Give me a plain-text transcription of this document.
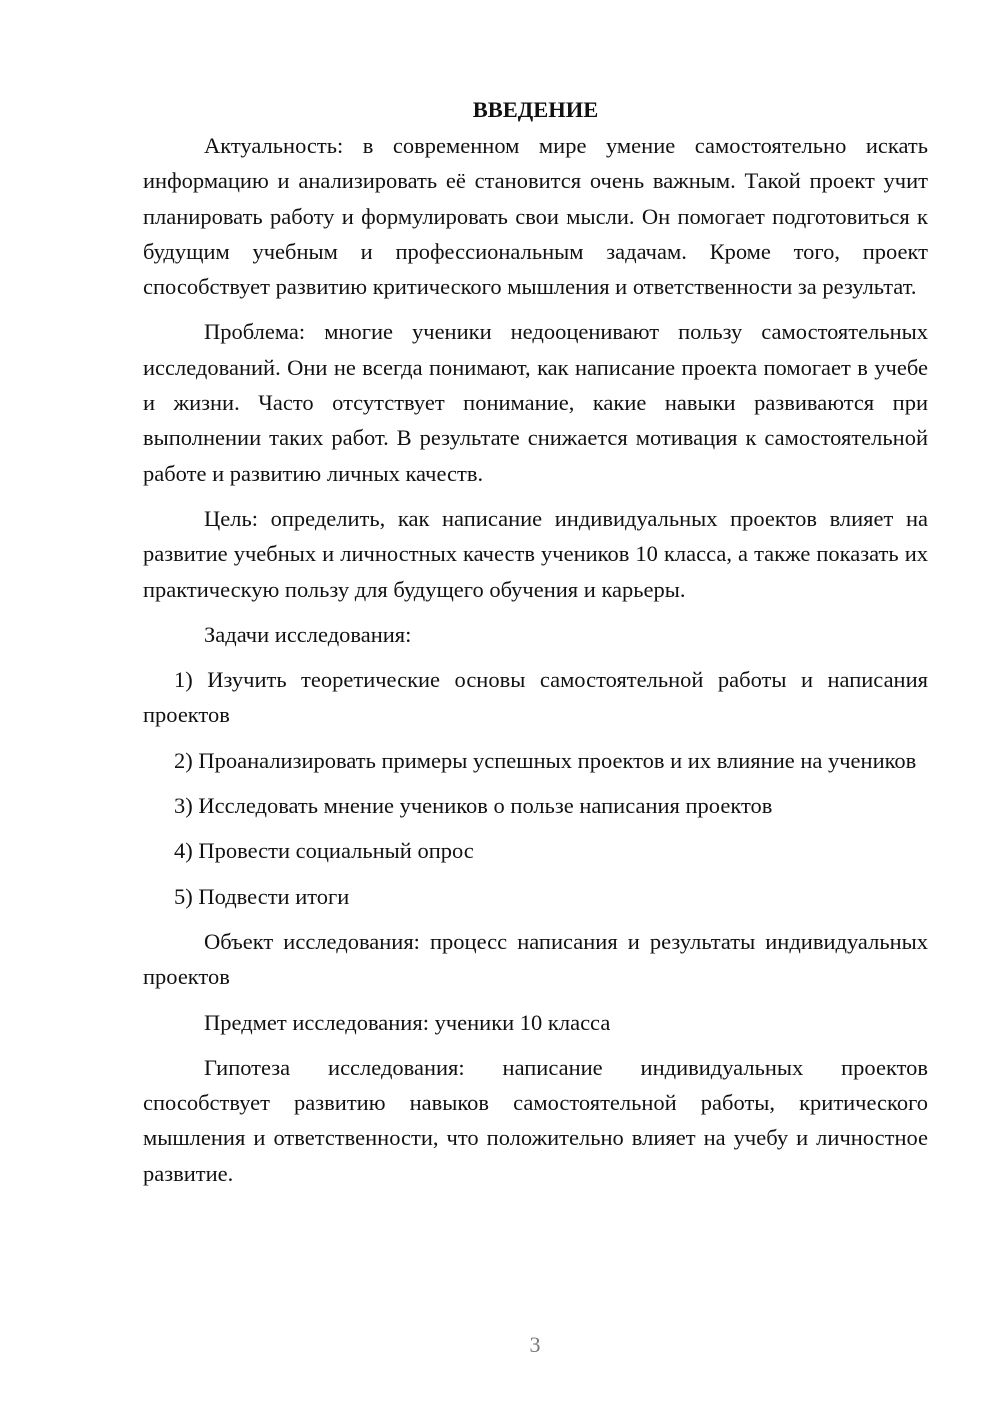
ВВЕДЕНИЕ

Актуальность: в современном мире умение самостоятельно искать информацию и анализировать её становится очень важным. Такой проект учит планировать работу и формулировать свои мысли. Он помогает подготовиться к будущим учебным и профессиональным задачам. Кроме того, проект способствует развитию критического мышления и ответственности за результат.

Проблема: многие ученики недооценивают пользу самостоятельных исследований. Они не всегда понимают, как написание проекта помогает в учебе и жизни. Часто отсутствует понимание, какие навыки развиваются при выполнении таких работ. В результате снижается мотивация к самостоятельной работе и развитию личных качеств.

Цель: определить, как написание индивидуальных проектов влияет на развитие учебных и личностных качеств учеников 10 класса, а также показать их практическую пользу для будущего обучения и карьеры.

Задачи исследования:

1) Изучить теоретические основы самостоятельной работы и написания проектов

2) Проанализировать примеры успешных проектов и их влияние на учеников

3) Исследовать мнение учеников о пользе написания проектов

4) Провести социальный опрос

5) Подвести итоги

Объект исследования: процесс написания и результаты индивидуальных проектов

Предмет исследования: ученики 10 класса

Гипотеза исследования: написание индивидуальных проектов способствует развитию навыков самостоятельной работы, критического мышления и ответственности, что положительно влияет на учебу и личностное развитие.

3
